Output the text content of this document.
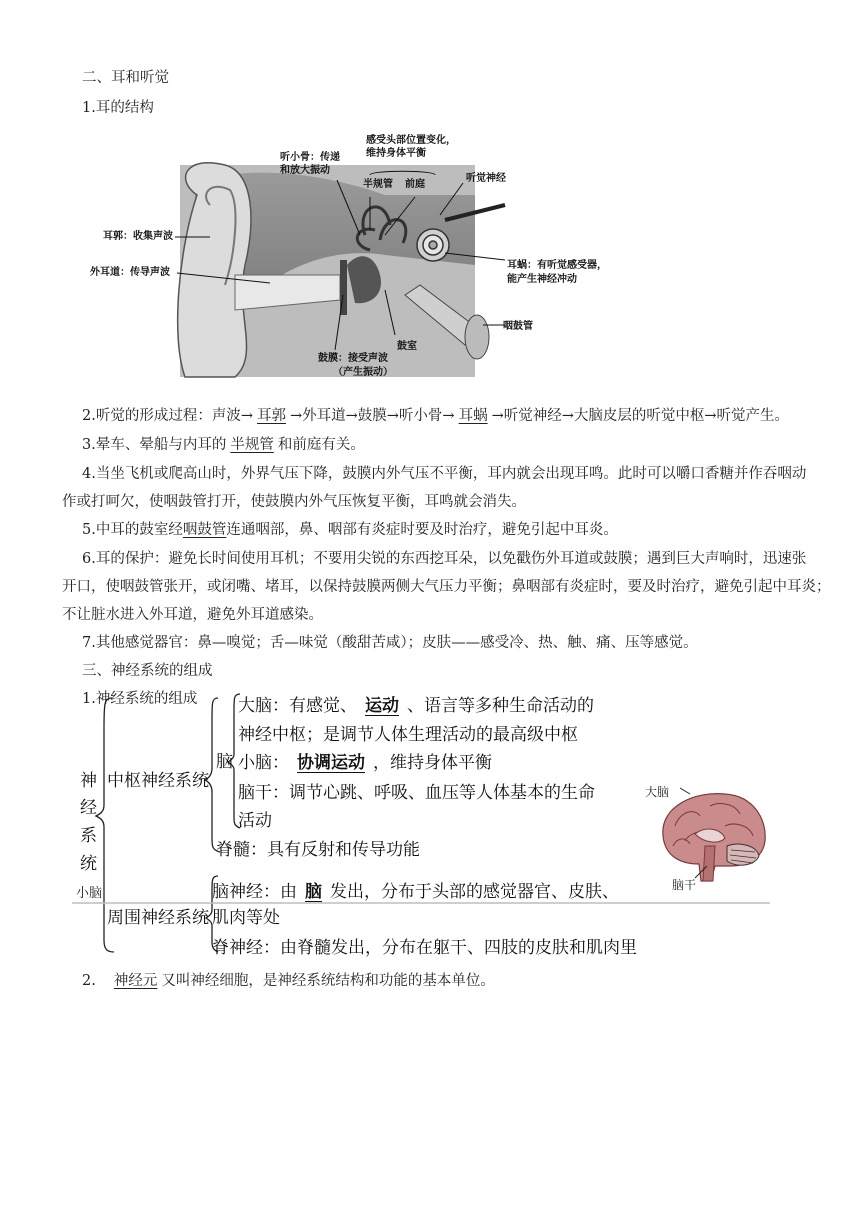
二、耳和听觉
1.耳的结构
听小骨：传递
和放大振动
感受头部位置变化，
维持身体平衡
半规管 前庭
听觉神经
耳郭：收集声波
外耳道：传导声波
耳蜗：有听觉感受器，
能产生神经冲动
咽鼓管
鼓室
鼓膜：接受声波
（产生振动）
2.听觉的形成过程：声波→ 耳郭 →外耳道→鼓膜→听小骨→ 耳蜗 →听觉神经→大脑皮层的听觉中枢→听觉产生。
3.晕车、晕船与内耳的 半规管 和前庭有关。
4.当坐飞机或爬高山时，外界气压下降，鼓膜内外气压不平衡，耳内就会出现耳鸣。此时可以嚼口香糖并作吞咽动
作或打呵欠，使咽鼓管打开，使鼓膜内外气压恢复平衡，耳鸣就会消失。
5.中耳的鼓室经咽鼓管连通咽部，鼻、咽部有炎症时要及时治疗，避免引起中耳炎。
6.耳的保护：避免长时间使用耳机；不要用尖锐的东西挖耳朵，以免戳伤外耳道或鼓膜；遇到巨大声响时，迅速张
开口，使咽鼓管张开，或闭嘴、堵耳，以保持鼓膜两侧大气压力平衡；鼻咽部有炎症时，要及时治疗，避免引起中耳炎；
不让脏水进入外耳道，避免外耳道感染。
7.其他感觉器官：鼻—嗅觉；舌—味觉（酸甜苦咸）；皮肤——感受冷、热、触、痛、压等感觉。
三、神经系统的组成
1.神经系统的组成
神
经
系
统
中枢神经系统
脑
大脑：有感觉、 运动 、语言等多种生命活动的
神经中枢；是调节人体生理活动的最高级中枢
小脑： 协调运动 ，维持身体平衡
脑干：调节心跳、呼吸、血压等人体基本的生命
活动
脊髓：具有反射和传导功能
脑神经：由 脑 发出，分布于头部的感觉器官、皮肤、
肌肉等处
周围神经系统
脊神经：由脊髓发出，分布在躯干、四肢的皮肤和肌肉里
大脑
脑干
小脑
2. 神经元 又叫神经细胞，是神经系统结构和功能的基本单位。
